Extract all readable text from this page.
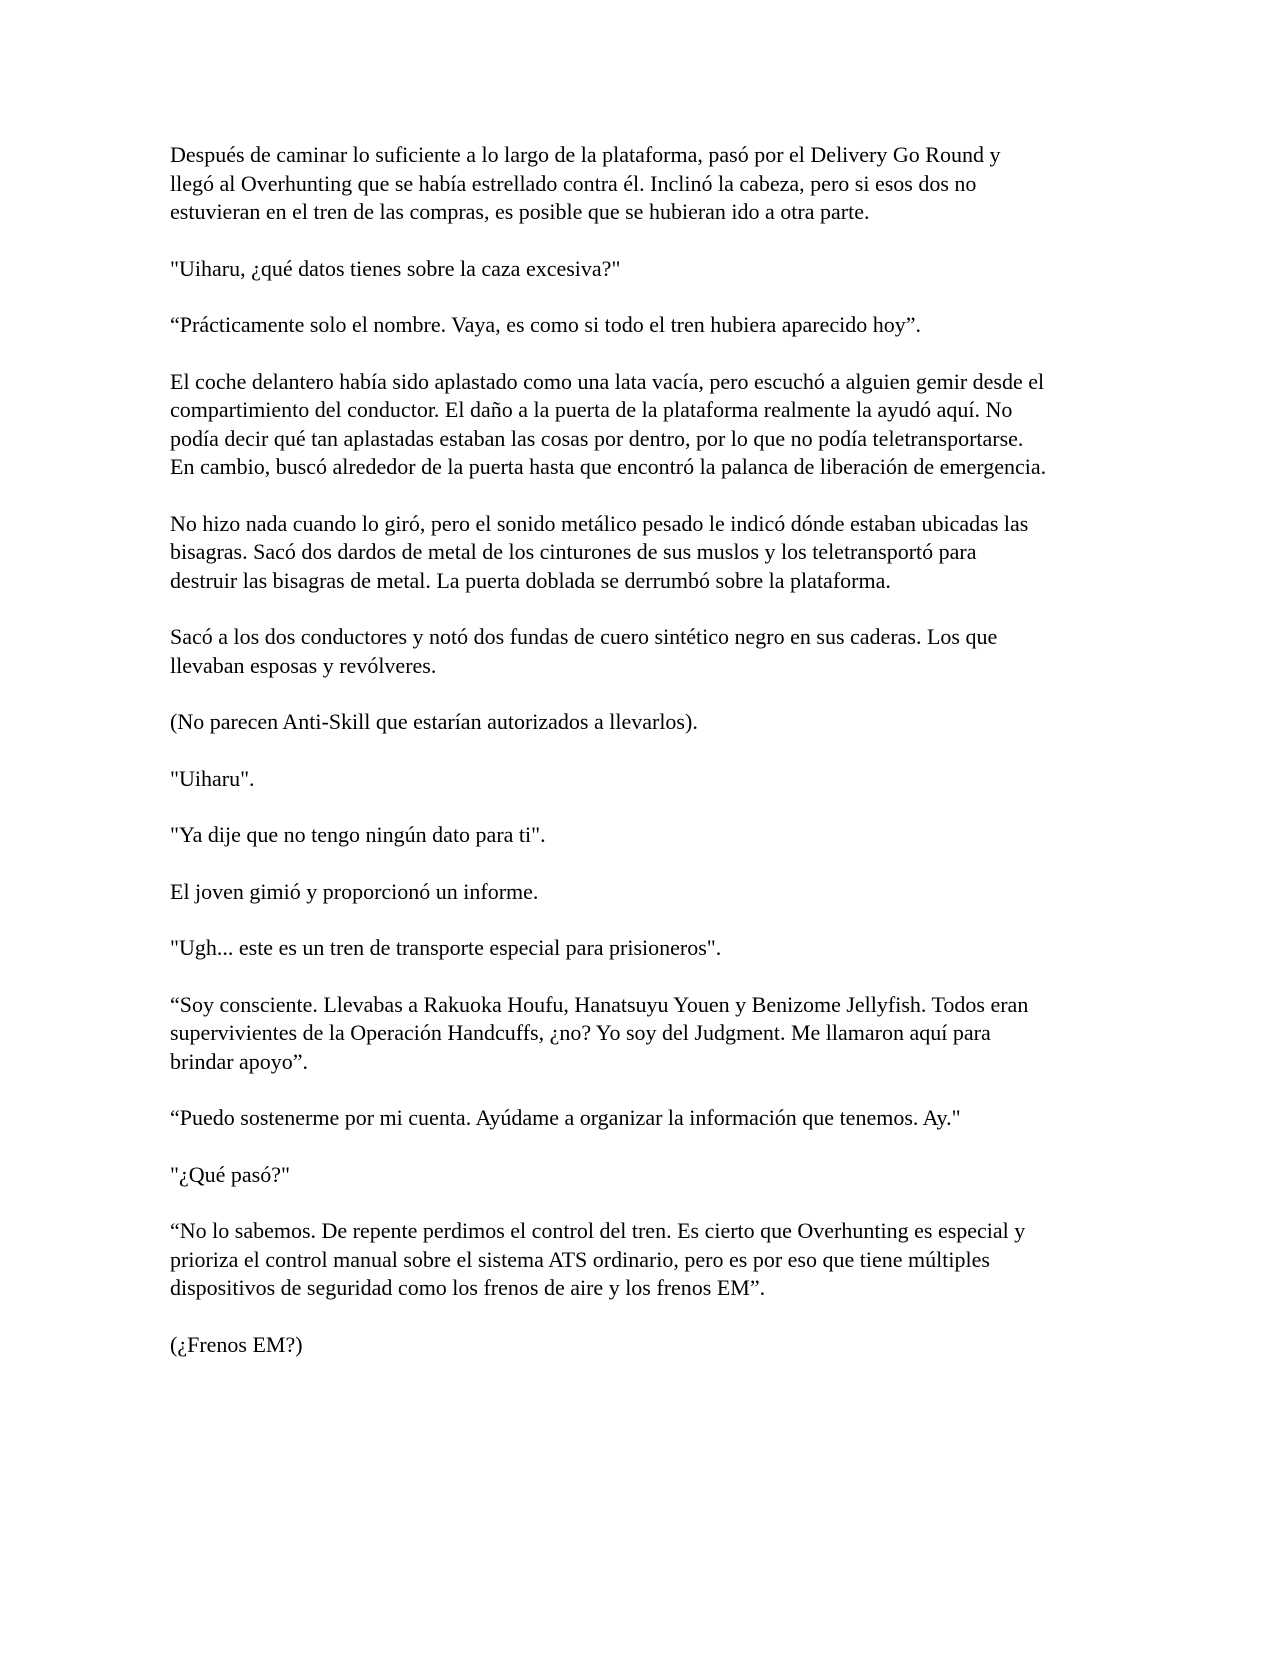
Después de caminar lo suficiente a lo largo de la plataforma, pasó por el Delivery Go Round y llegó al Overhunting que se había estrellado contra él. Inclinó la cabeza, pero si esos dos no estuvieran en el tren de las compras, es posible que se hubieran ido a otra parte.

"Uiharu, ¿qué datos tienes sobre la caza excesiva?"

“Prácticamente solo el nombre. Vaya, es como si todo el tren hubiera aparecido hoy”.

El coche delantero había sido aplastado como una lata vacía, pero escuchó a alguien gemir desde el compartimiento del conductor. El daño a la puerta de la plataforma realmente la ayudó aquí. No podía decir qué tan aplastadas estaban las cosas por dentro, por lo que no podía teletransportarse. En cambio, buscó alrededor de la puerta hasta que encontró la palanca de liberación de emergencia.

No hizo nada cuando lo giró, pero el sonido metálico pesado le indicó dónde estaban ubicadas las bisagras. Sacó dos dardos de metal de los cinturones de sus muslos y los teletransportó para destruir las bisagras de metal. La puerta doblada se derrumbó sobre la plataforma.

Sacó a los dos conductores y notó dos fundas de cuero sintético negro en sus caderas. Los que llevaban esposas y revólveres.

(No parecen Anti-Skill que estarían autorizados a llevarlos).

"Uiharu".

"Ya dije que no tengo ningún dato para ti".

El joven gimió y proporcionó un informe.

"Ugh... este es un tren de transporte especial para prisioneros".

“Soy consciente. Llevabas a Rakuoka Houfu, Hanatsuyu Youen y Benizome Jellyfish. Todos eran supervivientes de la Operación Handcuffs, ¿no? Yo soy del Judgment. Me llamaron aquí para brindar apoyo”.

“Puedo sostenerme por mi cuenta. Ayúdame a organizar la información que tenemos. Ay."

"¿Qué pasó?"

“No lo sabemos. De repente perdimos el control del tren. Es cierto que Overhunting es especial y prioriza el control manual sobre el sistema ATS ordinario, pero es por eso que tiene múltiples dispositivos de seguridad como los frenos de aire y los frenos EM”.

(¿Frenos EM?)
